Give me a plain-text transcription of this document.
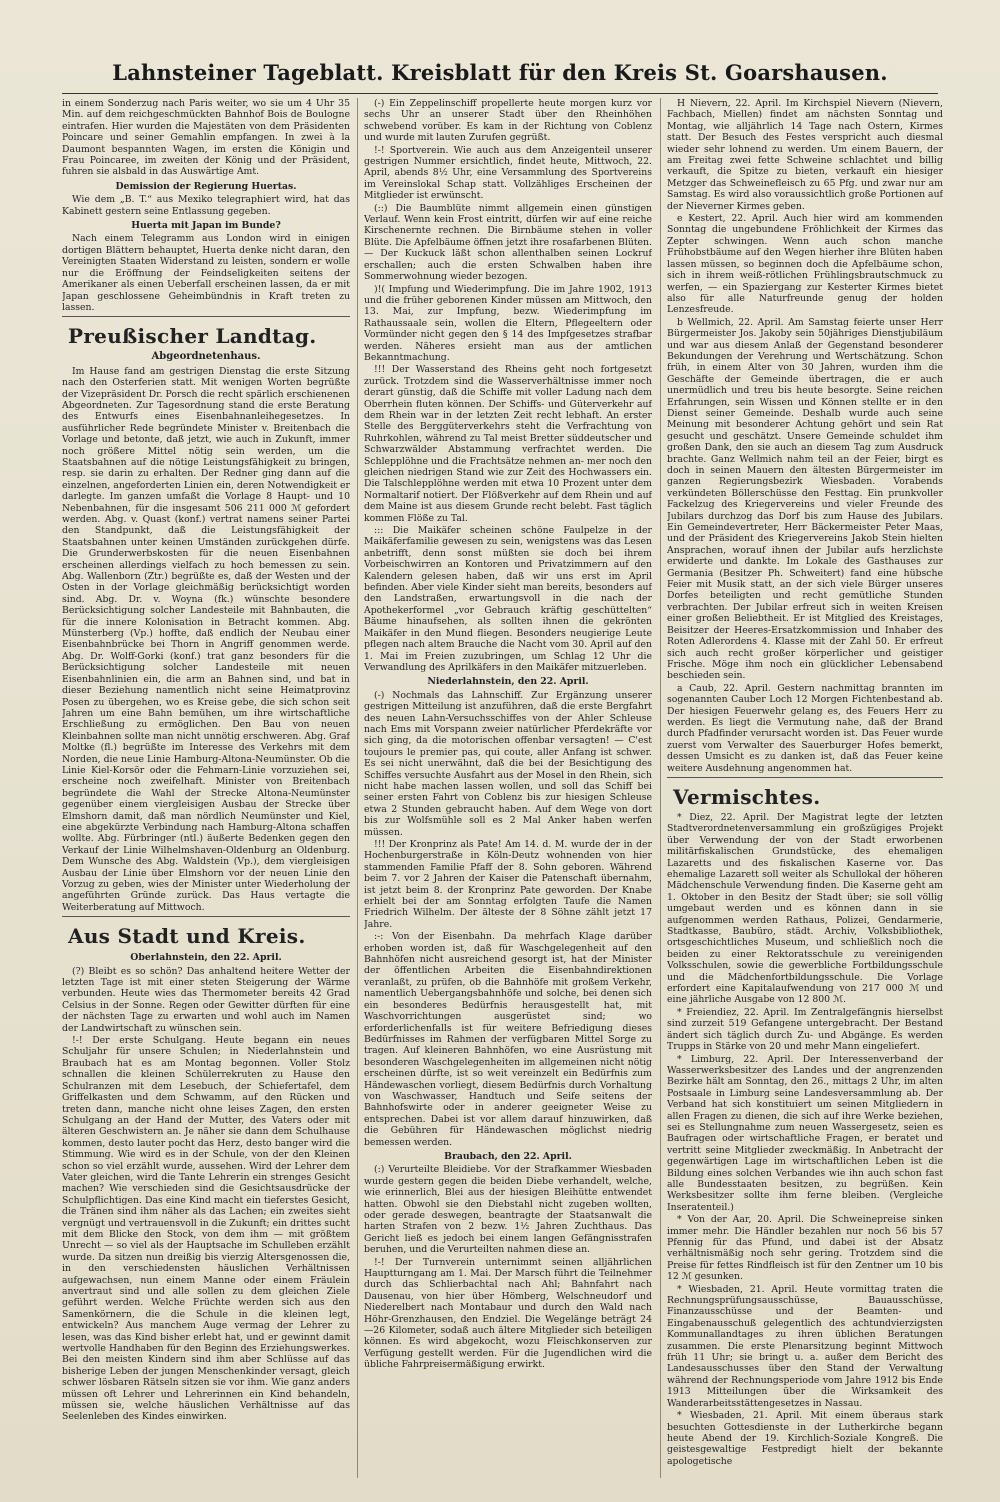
Lahnsteiner Tageblatt. Kreisblatt für den Kreis St. Goarshausen.

in einem Sonderzug nach Paris weiter, wo sie um 4 Uhr 35 Min. auf dem reichgeschmückten Bahnhof Bois de Boulogne eintrafen. Hier wurden die Majestäten von dem Präsidenten Poincare und seiner Gemahlin empfangen. In zwei à la Daumont bespannten Wagen, im ersten die Königin und Frau Poincaree, im zweiten der König und der Präsident, fuhren sie alsbald in das Auswärtige Amt.

Demission der Regierung Huertas.

Wie dem „B. T.“ aus Mexiko telegraphiert wird, hat das Kabinett gestern seine Entlassung gegeben.

Huerta mit Japan im Bunde?

Nach einem Telegramm aus London wird in einigen dortigen Blättern behauptet, Huerta denke nicht daran, den Vereinigten Staaten Widerstand zu leisten, sondern er wolle nur die Eröffnung der Feindseligkeiten seitens der Amerikaner als einen Ueberfall erscheinen lassen, da er mit Japan geschlossene Geheimbündnis in Kraft treten zu lassen.

Preußischer Landtag.
Abgeordnetenhaus.

Im Hause fand am gestrigen Dienstag die erste Sitzung nach den Osterferien statt. Mit wenigen Worten begrüßte der Vizepräsident Dr. Porsch die recht spärlich erschienenen Abgeordneten. Zur Tagesordnung stand die erste Beratung des Entwurfs eines Eisenbahnanleihegesetzes. In ausführlicher Rede begründete Minister v. Breitenbach die Vorlage und betonte, daß jetzt, wie auch in Zukunft, immer noch größere Mittel nötig sein werden, um die Staatsbahnen auf die nötige Leistungsfähigkeit zu bringen, resp. sie darin zu erhalten. Der Redner ging dann auf die einzelnen, angeforderten Linien ein, deren Notwendigkeit er darlegte. Im ganzen umfaßt die Vorlage 8 Haupt- und 10 Nebenbahnen, für die insgesamt 506 211 000 ℳ gefordert werden. Abg. v. Quast (konf.) vertrat namens seiner Partei den Standpunkt, daß die Leistungsfähigkeit der Staatsbahnen unter keinen Umständen zurückgehen dürfe. Die Grunderwerbskosten für die neuen Eisenbahnen erscheinen allerdings vielfach zu hoch bemessen zu sein. Abg. Wallenborn (Ztr.) begrüßte es, daß der Westen und der Osten in der Vorlage gleichmäßig berücksichtigt worden sind. Abg. Dr. v. Woyna (fk.) wünschte besondere Berücksichtigung solcher Landesteile mit Bahnbauten, die für die innere Kolonisation in Betracht kommen. Abg. Münsterberg (Vp.) hoffte, daß endlich der Neubau einer Eisenbahnbrücke bei Thorn in Angriff genommen werde. Abg. Dr. Wolff-Gorki (konf.) trat ganz besonders für die Berücksichtigung solcher Landesteile mit neuen Eisenbahnlinien ein, die arm an Bahnen sind, und bat in dieser Beziehung namentlich nicht seine Heimatprovinz Posen zu übergehen, wo es Kreise gebe, die sich schon seit Jahren um eine Bahn bemühen, um ihre wirtschaftliche Erschließung zu ermöglichen. Den Bau von neuen Kleinbahnen sollte man nicht unnötig erschweren. Abg. Graf Moltke (fl.) begrüßte im Interesse des Verkehrs mit dem Norden, die neue Linie Hamburg-Altona-Neumünster. Ob die Linie Kiel-Korsör oder die Fehmarn-Linie vorzuziehen sei, erscheine noch zweifelhaft. Minister von Breitenbach begründete die Wahl der Strecke Altona-Neumünster gegenüber einem viergleisigen Ausbau der Strecke über Elmshorn damit, daß man nördlich Neumünster und Kiel, eine abgekürzte Verbindung nach Hamburg-Altona schaffen wollte. Abg. Fürbringer (ntl.) äußerte Bedenken gegen den Verkauf der Linie Wilhelmshaven-Oldenburg an Oldenburg. Dem Wunsche des Abg. Waldstein (Vp.), dem viergleisigen Ausbau der Linie über Elmshorn vor der neuen Linie den Vorzug zu geben, wies der Minister unter Wiederholung der angeführten Gründe zurück. Das Haus vertagte die Weiterberatung auf Mittwoch.

Aus Stadt und Kreis.
Oberlahnstein, den 22. April.

(?) Bleibt es so schön? Das anhaltend heitere Wetter der letzten Tage ist mit einer steten Steigerung der Wärme verbunden. Heute wies das Thermometer bereits 42 Grad Celsius in der Sonne. Regen oder Gewitter dürften für eine der nächsten Tage zu erwarten und wohl auch im Namen der Landwirtschaft zu wünschen sein.

!-! Der erste Schulgang. Heute begann ein neues Schuljahr für unsere Schulen; in Niederlahnstein und Braubach hat es am Montag begonnen. Voller Stolz schnallen die kleinen Schülerrekruten zu Hause den Schulranzen mit dem Lesebuch, der Schiefertafel, dem Griffelkasten und dem Schwamm, auf den Rücken und treten dann, manche nicht ohne leises Zagen, den ersten Schulgang an der Hand der Mutter, des Vaters oder mit älteren Geschwistern an. Je näher sie dann dem Schulhause kommen, desto lauter pocht das Herz, desto banger wird die Stimmung. Wie wird es in der Schule, von der den Kleinen schon so viel erzählt wurde, aussehen. Wird der Lehrer dem Vater gleichen, wird die Tante Lehrerin ein strenges Gesicht machen? Wie verschieden sind die Gesichtsausdrücke der Schulpflichtigen. Das eine Kind macht ein tieferstes Gesicht, die Tränen sind ihm näher als das Lachen; ein zweites sieht vergnügt und vertrauensvoll in die Zukunft; ein drittes sucht mit dem Blicke den Stock, von dem ihm — mit größtem Unrecht — so viel als der Hauptsache im Schulleben erzählt wurde. Da sitzen nun dreißig bis vierzig Altersgenossen die, in den verschiedensten häuslichen Verhältnissen aufgewachsen, nun einem Manne oder einem Fräulein anvertraut sind und alle sollen zu dem gleichen Ziele geführt werden. Welche Früchte werden sich aus den Samenkörnern, die die Schule in die kleinen legt, entwickeln? Aus manchem Auge vermag der Lehrer zu lesen, was das Kind bisher erlebt hat, und er gewinnt damit wertvolle Handhaben für den Beginn des Erziehungswerkes. Bei den meisten Kindern sind ihm aber Schlüsse auf das bisherige Leben der jungen Menschenkinder versagt, gleich schwer lösbaren Rätseln sitzen sie vor ihm. Wie ganz anders müssen oft Lehrer und Lehrerinnen ein Kind behandeln, müssen sie, welche häuslichen Verhältnisse auf das Seelenleben des Kindes einwirken.

(-) Ein Zeppelinschiff propellerte heute morgen kurz vor sechs Uhr an unserer Stadt über den Rheinhöhen schwebend vorüber. Es kam in der Richtung von Coblenz und wurde mit lauten Zurufen gegrüßt.

!-! Sportverein. Wie auch aus dem Anzeigenteil unserer gestrigen Nummer ersichtlich, findet heute, Mittwoch, 22. April, abends 8½ Uhr, eine Versammlung des Sportvereins im Vereinslokal Schap statt. Vollzähliges Erscheinen der Mitglieder ist erwünscht.

(::) Die Baumblüte nimmt allgemein einen günstigen Verlauf. Wenn kein Frost eintritt, dürfen wir auf eine reiche Kirschenernte rechnen. Die Birnbäume stehen in voller Blüte. Die Apfelbäume öffnen jetzt ihre rosafarbenen Blüten. — Der Kuckuck läßt schon allenthalben seinen Lockruf erschallen; auch die ersten Schwalben haben ihre Sommerwohnung wieder bezogen.

)!( Impfung und Wiederimpfung. Die im Jahre 1902, 1913 und die früher geborenen Kinder müssen am Mittwoch, den 13. Mai, zur Impfung, bezw. Wiederimpfung im Rathaussaale sein, wollen die Eltern, Pflegeeltern oder Vormünder nicht gegen den § 14 des Impfgesetzes strafbar werden. Näheres ersieht man aus der amtlichen Bekanntmachung.

!!! Der Wasserstand des Rheins geht noch fortgesetzt zurück. Trotzdem sind die Wasserverhältnisse immer noch derart günstig, daß die Schiffe mit voller Ladung nach dem Oberrhein fluten können. Der Schiffs- und Güterverkehr auf dem Rhein war in der letzten Zeit recht lebhaft. An erster Stelle des Berggüterverkehrs steht die Verfrachtung von Ruhrkohlen, während zu Tal meist Bretter süddeutscher und Schwarzwälder Abstammung verfrachtet werden. Die Schlepplöhne und die Frachtsätze nehmen an- mer noch den gleichen niedrigen Stand wie zur Zeit des Hochwassers ein. Die Talschlepplöhne werden mit etwa 10 Prozent unter dem Normaltarif notiert. Der Flößverkehr auf dem Rhein und auf dem Maine ist aus diesem Grunde recht belebt. Fast täglich kommen Flöße zu Tal.

::: Die Maikäfer scheinen schöne Faulpelze in der Maikäferfamilie gewesen zu sein, wenigstens was das Lesen anbetrifft, denn sonst müßten sie doch bei ihrem Vorbeischwirren an Kontoren und Privatzimmern auf den Kalendern gelesen haben, daß wir uns erst im April befinden. Aber viele Kinder sieht man bereits, besonders auf den Landstraßen, erwartungsvoll in die nach der Apothekerformel „vor Gebrauch kräftig geschüttelten“ Bäume hinaufsehen, als sollten ihnen die gekrönten Maikäfer in den Mund fliegen. Besonders neugierige Leute pflegen nach altem Brauche die Nacht vom 30. April auf den 1. Mai im Freien zuzubringen, um Schlag 12 Uhr die Verwandlung des Aprilkäfers in den Maikäfer mitzuerleben.

Niederlahnstein, den 22. April.

(-) Nochmals das Lahnschiff. Zur Ergänzung unserer gestrigen Mitteilung ist anzuführen, daß die erste Bergfahrt des neuen Lahn-Versuchsschiffes von der Ahler Schleuse nach Ems mit Vorspann zweier natürlicher Pferdekräfte vor sich ging, da die motorischen offenbar versagten! — C'est toujours le premier pas, qui coute, aller Anfang ist schwer. Es sei nicht unerwähnt, daß die bei der Besichtigung des Schiffes versuchte Ausfahrt aus der Mosel in den Rhein, sich nicht habe machen lassen wollen, und soll das Schiff bei seiner ersten Fahrt von Coblenz bis zur hiesigen Schleuse etwa 2 Stunden gebraucht haben. Auf dem Wege von dort bis zur Wolfsmühle soll es 2 Mal Anker haben werfen müssen.

!!! Der Kronprinz als Pate! Am 14. d. M. wurde der in der Hochenburgerstraße in Köln-Deutz wohnenden von hier stammenden Familie Pfaff der 8. Sohn geboren. Während beim 7. vor 2 Jahren der Kaiser die Patenschaft übernahm, ist jetzt beim 8. der Kronprinz Pate geworden. Der Knabe erhielt bei der am Sonntag erfolgten Taufe die Namen Friedrich Wilhelm. Der älteste der 8 Söhne zählt jetzt 17 Jahre.

:-: Von der Eisenbahn. Da mehrfach Klage darüber erhoben worden ist, daß für Waschgelegenheit auf den Bahnhöfen nicht ausreichend gesorgt ist, hat der Minister der öffentlichen Arbeiten die Eisenbahndirektionen veranlaßt, zu prüfen, ob die Bahnhöfe mit großem Verkehr, namentlich Uebergangsbahnhöfe und solche, bei denen sich ein besonderes Bedürfnis herausgestellt hat, mit Waschvorrichtungen ausgerüstet sind; wo erforderlichenfalls ist für weitere Befriedigung dieses Bedürfnisses im Rahmen der verfügbaren Mittel Sorge zu tragen. Auf kleineren Bahnhöfen, wo eine Ausrüstung mit besonderen Waschgelegenheiten im allgemeinen nicht nötig erscheinen dürfte, ist so weit vereinzelt ein Bedürfnis zum Händewaschen vorliegt, diesem Bedürfnis durch Vorhaltung von Waschwasser, Handtuch und Seife seitens der Bahnhofswirte oder in anderer geeigneter Weise zu entsprechen. Dabei ist vor allem darauf hinzuwirken, daß die Gebühren für Händewaschen möglichst niedrig bemessen werden.

Braubach, den 22. April.

(:) Verurteilte Bleidiebe. Vor der Strafkammer Wiesbaden wurde gestern gegen die beiden Diebe verhandelt, welche, wie erinnerlich, Blei aus der hiesigen Bleihütte entwendet hatten. Obwohl sie den Diebstahl nicht zugeben wollten, oder gerade deswegen, beantragte der Staatsanwalt die harten Strafen von 2 bezw. 1½ Jahren Zuchthaus. Das Gericht ließ es jedoch bei einem langen Gefängnisstrafen beruhen, und die Verurteilten nahmen diese an.

!-! Der Turnverein unternimmt seinen alljährlichen Hauptturngang am 1. Mai. Der Marsch führt die Teilnehmer durch das Schlierbachtal nach Ahl; Bahnfahrt nach Dausenau, von hier über Hömberg, Welschneudorf und Niederelbert nach Montabaur und durch den Wald nach Höhr-Grenzhausen, den Endziel. Die Wegelänge beträgt 24—26 Kilometer, sodaß auch ältere Mitglieder sich beteiligen können. Es wird abgekocht, wozu Fleischkonserven zur Verfügung gestellt werden. Für die Jugendlichen wird die übliche Fahrpreisermäßigung erwirkt.

H Nievern, 22. April. Im Kirchspiel Nievern (Nievern, Fachbach, Miellen) findet am nächsten Sonntag und Montag, wie alljährlich 14 Tage nach Ostern, Kirmes statt. Der Besuch des Festes verspricht auch diesmal wieder sehr lohnend zu werden. Um einem Bauern, der am Freitag zwei fette Schweine schlachtet und billig verkauft, die Spitze zu bieten, verkauft ein hiesiger Metzger das Schweinefleisch zu 65 Pfg. und zwar nur am Samstag. Es wird also voraussichtlich große Portionen auf der Nieverner Kirmes geben.

e Kestert, 22. April. Auch hier wird am kommenden Sonntag die ungebundene Fröhlichkeit der Kirmes das Zepter schwingen. Wenn auch schon manche Frühobstbäume auf den Wegen hierher ihre Blüten haben lassen müssen, so beginnen doch die Apfelbäume schon, sich in ihrem weiß-rötlichen Frühlingsbrautschmuck zu werfen, — ein Spaziergang zur Kesterter Kirmes bietet also für alle Naturfreunde genug der holden Lenzesfreude.

b Wellmich, 22. April. Am Samstag feierte unser Herr Bürgermeister Jos. Jakoby sein 50jähriges Dienstjubiläum und war aus diesem Anlaß der Gegenstand besonderer Bekundungen der Verehrung und Wertschätzung. Schon früh, in einem Alter von 30 Jahren, wurden ihm die Geschäfte der Gemeinde übertragen, die er auch unermüdlich und treu bis heute besorgte. Seine reichen Erfahrungen, sein Wissen und Können stellte er in den Dienst seiner Gemeinde. Deshalb wurde auch seine Meinung mit besonderer Achtung gehört und sein Rat gesucht und geschätzt. Unsere Gemeinde schuldet ihm großen Dank, den sie auch an diesem Tag zum Ausdruck brachte. Ganz Wellmich nahm teil an der Feier, birgt es doch in seinen Mauern den ältesten Bürgermeister im ganzen Regierungsbezirk Wiesbaden. Vorabends verkündeten Böllerschüsse den Festtag. Ein prunkvoller Fackelzug des Kriegervereins und vieler Freunde des Jubilars durchzog das Dorf bis zum Hause des Jubilars. Ein Gemeindevertreter, Herr Bäckermeister Peter Maas, und der Präsident des Kriegervereins Jakob Stein hielten Ansprachen, worauf ihnen der Jubilar aufs herzlichste erwiderte und dankte. Im Lokale des Gasthauses zur Germania (Besitzer Ph. Schweitert) fand eine hübsche Feier mit Musik statt, an der sich viele Bürger unseres Dorfes beteiligten und recht gemütliche Stunden verbrachten. Der Jubilar erfreut sich in weiten Kreisen einer großen Beliebtheit. Er ist Mitglied des Kreistages, Beisitzer der Heeres-Ersatzkommission und Inhaber des Roten Adlerordens 4. Klasse mit der Zahl 50. Er erfreut sich auch recht großer körperlicher und geistiger Frische. Möge ihm noch ein glücklicher Lebensabend beschieden sein.

a Caub, 22. April. Gestern nachmittag brannten im sogenannten Cauber Loch 12 Morgen Fichtenbestand ab. Der hiesigen Feuerwehr gelang es, des Feuers Herr zu werden. Es liegt die Vermutung nahe, daß der Brand durch Pfadfinder verursacht worden ist. Das Feuer wurde zuerst vom Verwalter des Sauerburger Hofes bemerkt, dessen Umsicht es zu danken ist, daß das Feuer keine weitere Ausdehnung angenommen hat.

Vermischtes.

* Diez, 22. April. Der Magistrat legte der letzten Stadtverordnetenversammlung ein großzügiges Projekt über Verwendung der von der Stadt erworbenen militärfiskalischen Grundstücke, des ehemaligen Lazaretts und des fiskalischen Kaserne vor. Das ehemalige Lazarett soll weiter als Schullokal der höheren Mädchenschule Verwendung finden. Die Kaserne geht am 1. Oktober in den Besitz der Stadt über; sie soll völlig umgebaut werden und es können dann in sie aufgenommen werden Rathaus, Polizei, Gendarmerie, Stadtkasse, Baubüro, städt. Archiv, Volksbibliothek, ortsgeschichtliches Museum, und schließlich noch die beiden zu einer Rektoratsschule zu vereinigenden Volksschulen, sowie die gewerbliche Fortbildungsschule und die Mädchenfortbildungsschule. Die Vorlage erfordert eine Kapitalaufwendung von 217 000 ℳ und eine jährliche Ausgabe von 12 800 ℳ.

* Freiendiez, 22. April. Im Zentralgefängnis hierselbst sind zurzeit 519 Gefangene untergebracht. Der Bestand ändert sich täglich durch Zu- und Abgänge. Es werden Trupps in Stärke von 20 und mehr Mann eingeliefert.

* Limburg, 22. April. Der Interessenverband der Wasserwerksbesitzer des Landes und der angrenzenden Bezirke hält am Sonntag, den 26., mittags 2 Uhr, im alten Postsaale in Limburg seine Landesversammlung ab. Der Verband hat sich konstituiert um seinen Mitgliedern in allen Fragen zu dienen, die sich auf ihre Werke beziehen, sei es Stellungnahme zum neuen Wassergesetz, seien es Baufragen oder wirtschaftliche Fragen, er beratet und vertritt seine Mitglieder zweckmäßig. In Anbetracht der gegenwärtigen Lage im wirtschaftlichen Leben ist die Bildung eines solchen Verbandes wie ihn auch schon fast alle Bundesstaaten besitzen, zu begrüßen. Kein Werksbesitzer sollte ihm ferne bleiben. (Vergleiche Inseratenteil.)

* Von der Aar, 20. April. Die Schweinepreise sinken immer mehr. Die Händler bezahlen nur noch 56 bis 57 Pfennig für das Pfund, und dabei ist der Absatz verhältnismäßig noch sehr gering. Trotzdem sind die Preise für fettes Rindfleisch ist für den Zentner um 10 bis 12 ℳ gesunken.

* Wiesbaden, 21. April. Heute vormittag traten die Rechnungsprüfungsausschüsse, Bauausschüsse, Finanzausschüsse und der Beamten- und Eingabenausschuß gelegentlich des achtundvierzigsten Kommunallandtages zu ihren üblichen Beratungen zusammen. Die erste Plenarsitzung beginnt Mittwoch früh 11 Uhr; sie bringt u. a. außer dem Bericht des Landesausschusses über den Stand der Verwaltung während der Rechnungsperiode vom Jahre 1912 bis Ende 1913 Mitteilungen über die Wirksamkeit des Wanderarbeitsstättengesetzes in Nassau.

* Wiesbaden, 21. April. Mit einem überaus stark besuchten Gottesdienste in der Lutherkirche begann heute Abend der 19. Kirchlich-Soziale Kongreß. Die geistesgewaltige Festpredigt hielt der bekannte apologetische
